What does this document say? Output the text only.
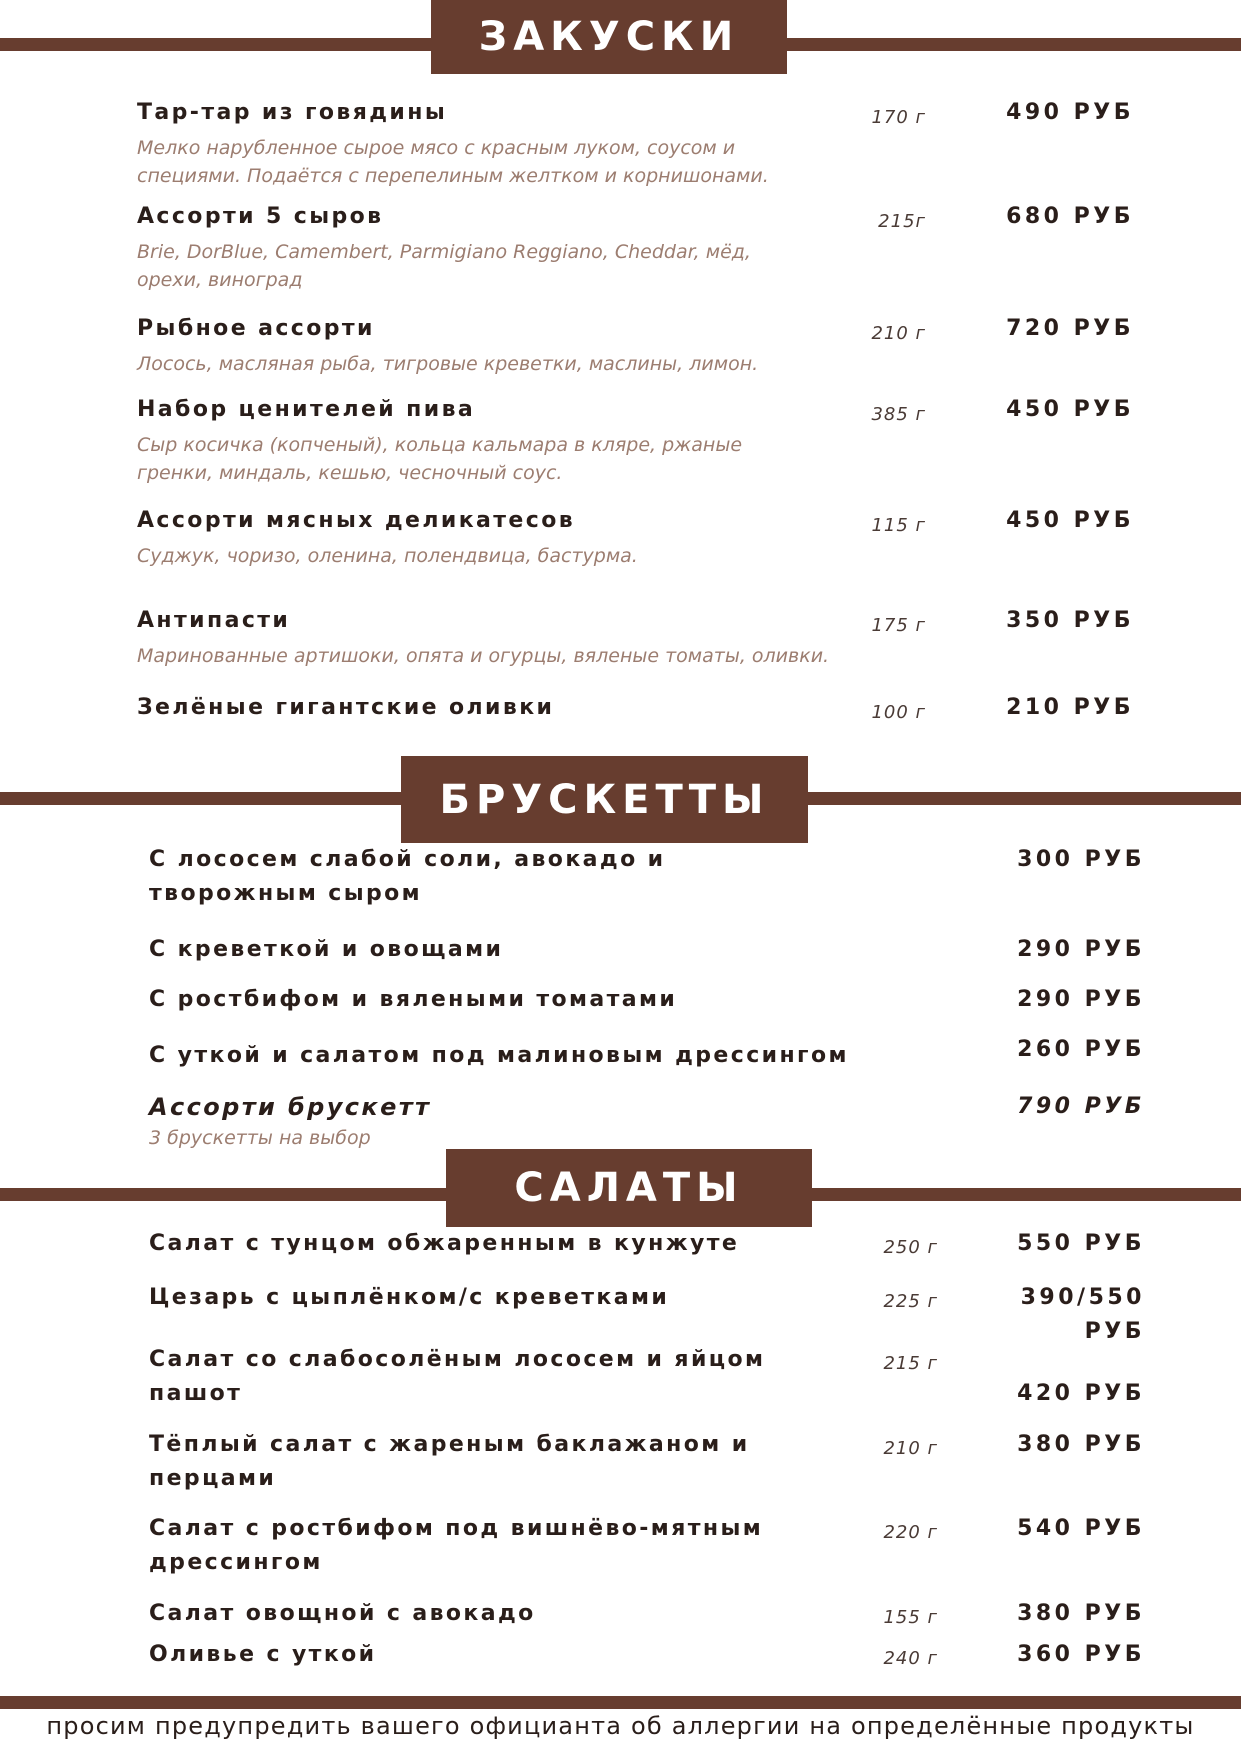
ЗАКУСКИ
Тар-тар из говядины	170 г	490 РУБ
Мелко нарубленное сырое мясо с красным луком, соусом и
специями. Подаётся с перепелиным желтком и корнишонами.
Ассорти 5 сыров	215г	680 РУБ
Brie, DorBlue, Camembert, Parmigiano Reggiano, Cheddar, мёд,
орехи, виноград
Рыбное ассорти	210 г	720 РУБ
Лосось, масляная рыба, тигровые креветки, маслины, лимон.
Набор ценителей пива	385 г	450 РУБ
Сыр косичка (копченый), кольца кальмара в кляре, ржаные
гренки, миндаль, кешью, чесночный соус.
Ассорти мясных деликатесов	115 г	450 РУБ
Суджук, чоризо, оленина, полендвица, бастурма.
Антипасти	175 г	350 РУБ
Маринованные артишоки, опята и огурцы, вяленые томаты, оливки.
Зелёные гигантские оливки	100 г	210 РУБ
БРУСКЕТТЫ
С лососем слабой соли, авокадо и
творожным сыром
300 РУБ
С креветкой и овощами	290 РУБ
С ростбифом и вялеными томатами	290 РУБ
С уткой и салатом под малиновым дрессингом	260 РУБ
Ассорти брускетт	790 РУБ
3 брускетты на выбор
САЛАТЫ
Салат с тунцом обжаренным в кунжуте	250 г	550 РУБ
Цезарь с цыплёнком/с креветками	225 г	390/550
РУБ
Салат со слабосолёным лососем и яйцом
пашот
215 г
420 РУБ
Тёплый салат с жареным баклажаном и
перцами
210 г	380 РУБ
Салат с ростбифом под вишнёво-мятным
дрессингом
220 г	540 РУБ
Салат овощной с авокадо	155 г	380 РУБ
Оливье с уткой	240 г	360 РУБ
просим предупредить вашего официанта об аллергии на определённые продукты
